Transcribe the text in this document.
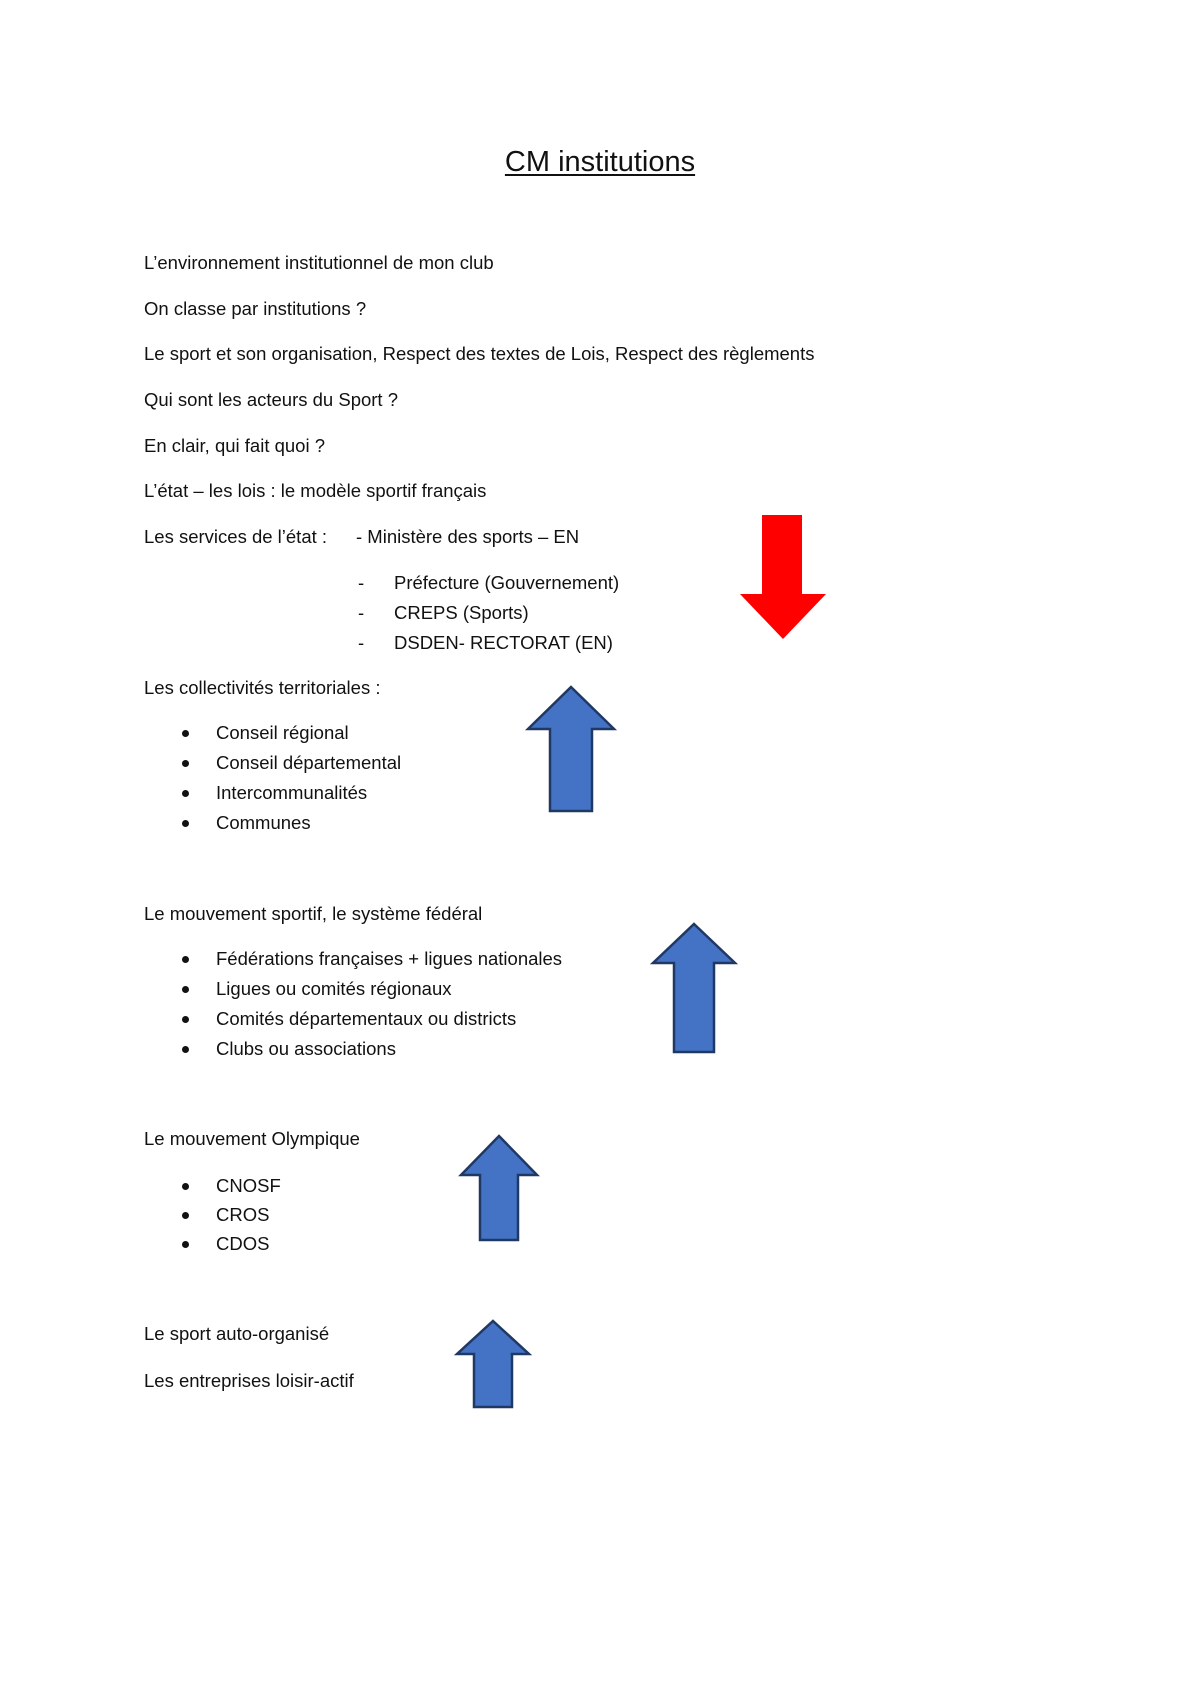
CM institutions
L’environnement institutionnel de mon club
On classe par institutions ?
Le sport et son organisation, Respect des textes de Lois, Respect des règlements
Qui sont les acteurs du Sport ?
En clair, qui fait quoi ?
L’état – les lois : le modèle sportif français
Les services de l’état : - Ministère des sports – EN
- Préfecture (Gouvernement)
- CREPS (Sports)
- DSDEN- RECTORAT (EN)
Les collectivités territoriales :
Conseil régional
Conseil départemental
Intercommunalités
Communes
Le mouvement sportif, le système fédéral
Fédérations françaises + ligues nationales
Ligues ou comités régionaux
Comités départementaux ou districts
Clubs ou associations
Le mouvement Olympique
CNOSF
CROS
CDOS
Le sport auto-organisé
Les entreprises loisir-actif
